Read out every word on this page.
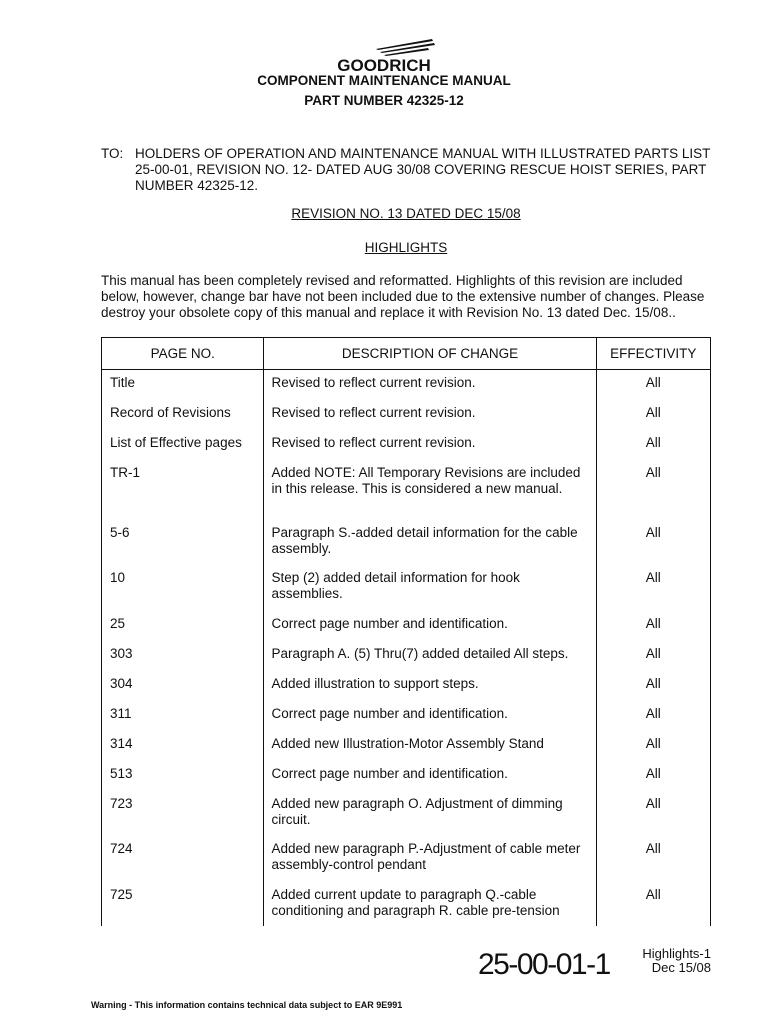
GOODRICH
COMPONENT MAINTENANCE MANUAL
PART NUMBER 42325-12
TO: HOLDERS OF OPERATION AND MAINTENANCE MANUAL WITH ILLUSTRATED PARTS LIST 25-00-01, REVISION NO. 12- DATED AUG 30/08 COVERING RESCUE HOIST SERIES, PART NUMBER 42325-12.
REVISION NO. 13 DATED DEC 15/08
HIGHLIGHTS
This manual has been completely revised and reformatted. Highlights of this revision are included below, however, change bar have not been included due to the extensive number of changes. Please destroy your obsolete copy of this manual and replace it with Revision No. 13 dated Dec. 15/08..
PAGE NO.	DESCRIPTION OF CHANGE	EFFECTIVITY
Title	Revised to reflect current revision.	All
Record of Revisions	Revised to reflect current revision.	All
List of Effective pages	Revised to reflect current revision.	All
TR-1	Added NOTE: All Temporary Revisions are included in this release. This is considered a new manual.	All
5-6	Paragraph S.-added detail information for the cable assembly.	All
10	Step (2) added detail information for hook assemblies.	All
25	Correct page number and identification.	All
303	Paragraph A. (5) Thru(7) added detailed All steps.	All
304	Added illustration to support steps.	All
311	Correct page number and identification.	All
314	Added new Illustration-Motor Assembly Stand	All
513	Correct page number and identification.	All
723	Added new paragraph O. Adjustment of dimming circuit.	All
724	Added new paragraph P.-Adjustment of cable meter assembly-control pendant	All
725	Added current update to paragraph Q.-cable conditioning and paragraph R. cable pre-tension	All
25-00-01-1	Highlights-1
Dec 15/08
Warning - This information contains technical data subject to EAR 9E991
